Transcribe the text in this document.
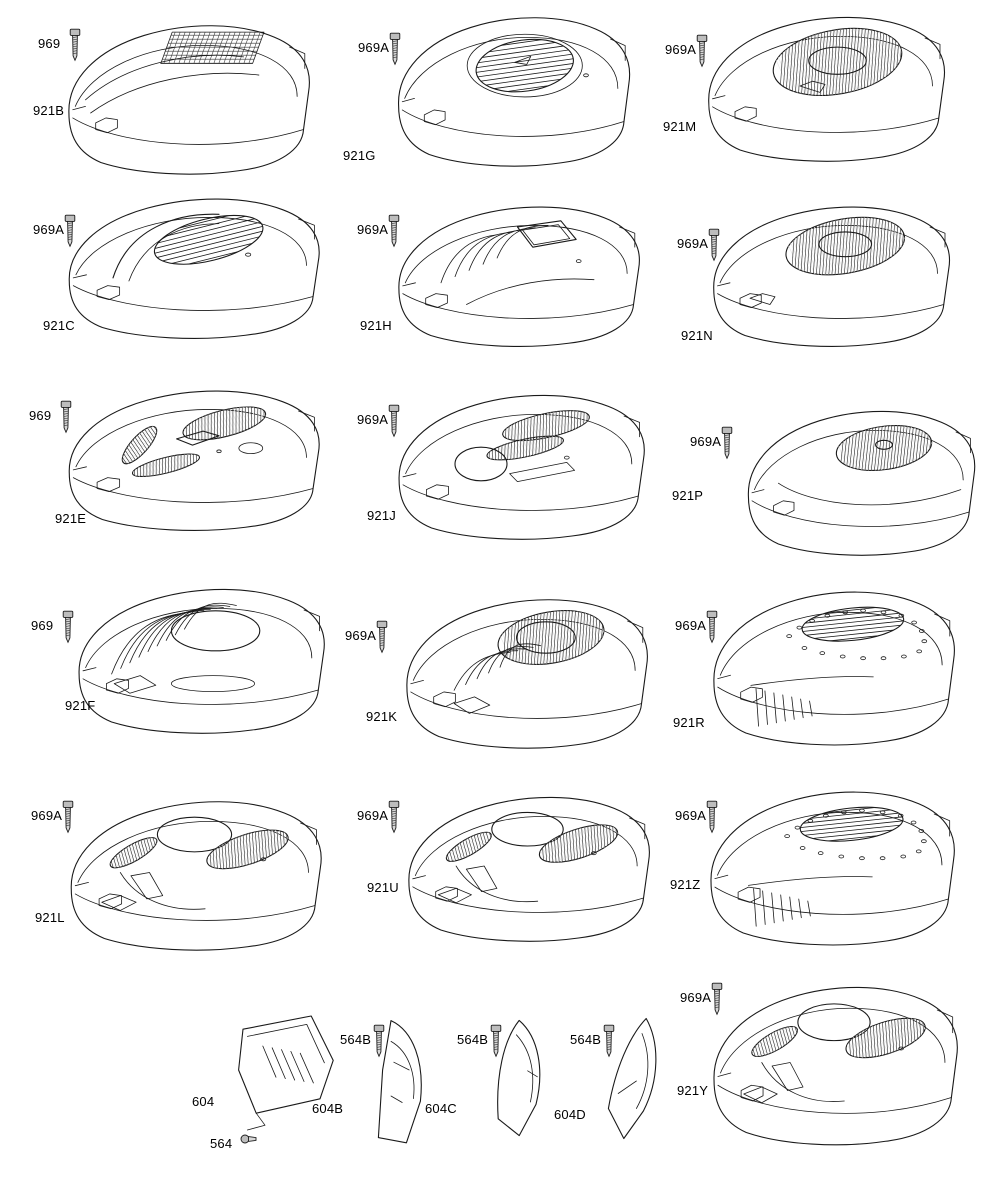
969
921B
969A
921G
969A
921M
969A
921C
969A
921H
969A
921N
969
921E
969A
921J
969A
921P
969
921F
969A
921K
969A
921R
969A
921L
969A
921U
969A
921Z
969A
921Y
604
564
604B
564B
604C
564B
604D
564B
